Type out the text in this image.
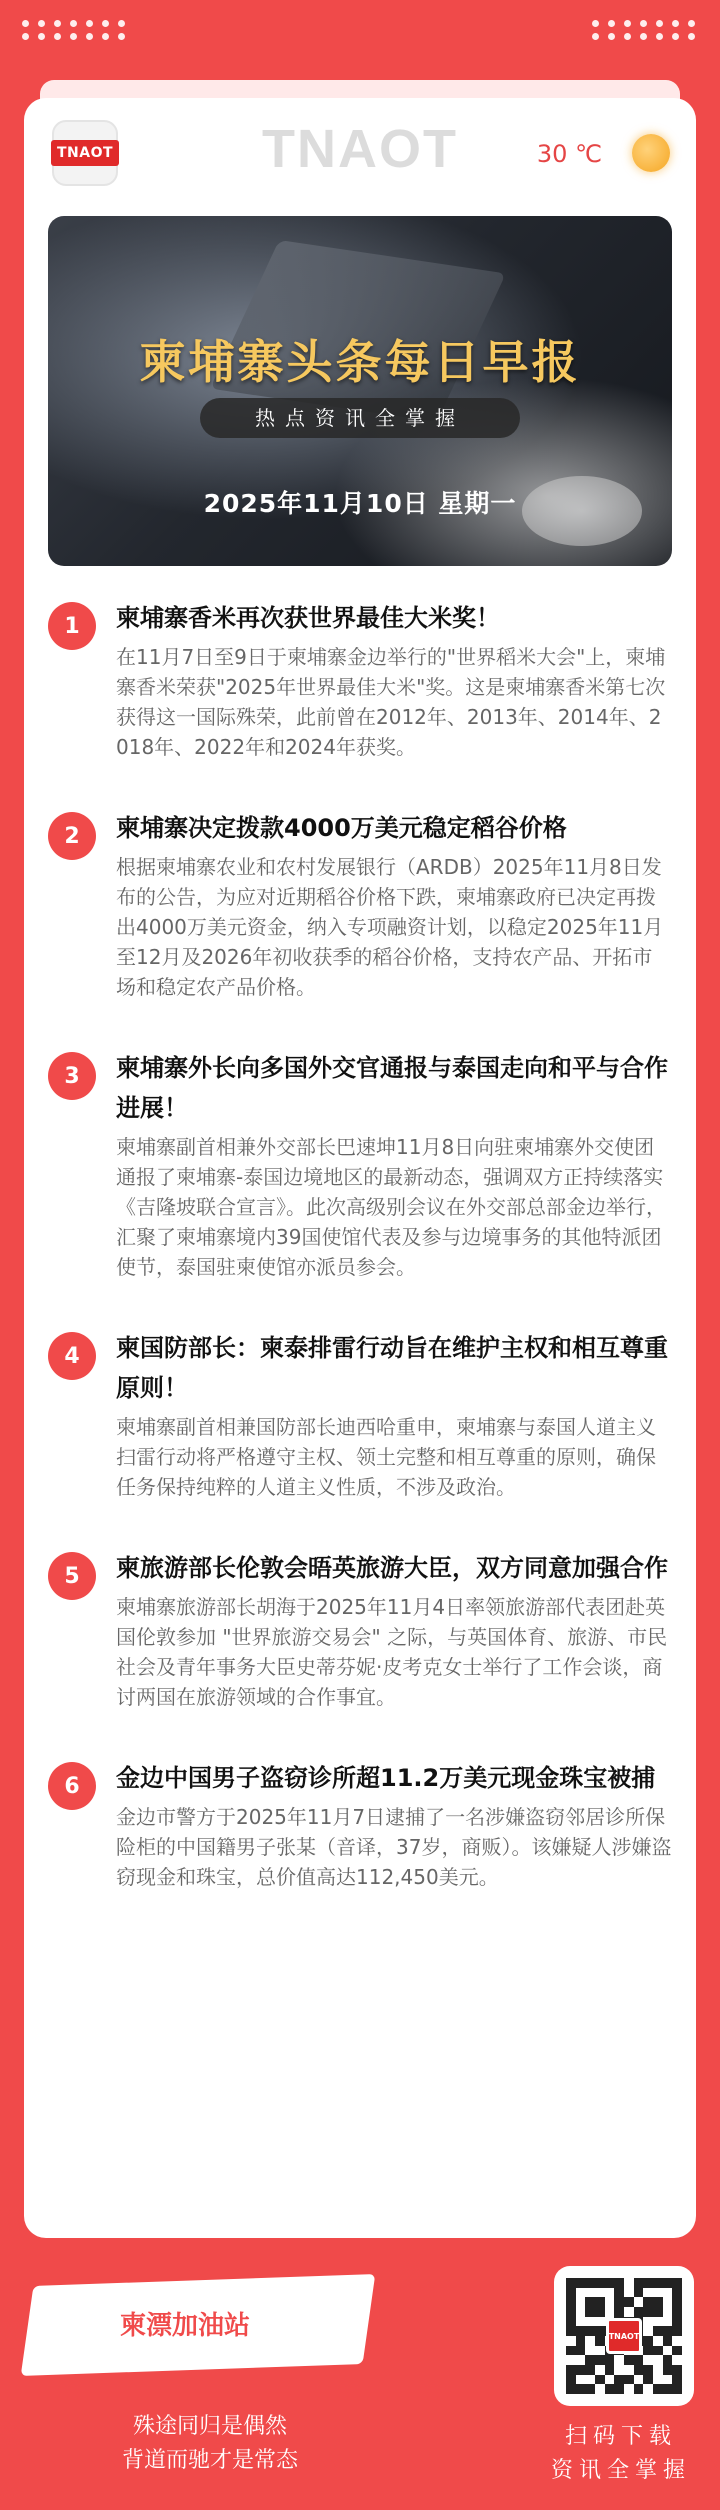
TNAOT	TNAOT	30 ℃
柬埔寨头条每日早报
热点资讯全掌握
2025年11月10日 星期一
1	柬埔寨香米再次获世界最佳大米奖！
在11月7日至9日于柬埔寨金边举行的"世界稻米大会"上，柬埔寨香米荣获"2025年世界最佳大米"奖。这是柬埔寨香米第七次获得这一国际殊荣，此前曾在2012年、2013年、2014年、2018年、2022年和2024年获奖。
2	柬埔寨决定拨款4000万美元稳定稻谷价格
根据柬埔寨农业和农村发展银行（ARDB）2025年11月8日发布的公告，为应对近期稻谷价格下跌，柬埔寨政府已决定再拨出4000万美元资金，纳入专项融资计划，以稳定2025年11月至12月及2026年初收获季的稻谷价格，支持农产品、开拓市场和稳定农产品价格。
3	柬埔寨外长向多国外交官通报与泰国走向和平与合作进展！
柬埔寨副首相兼外交部长巴速坤11月8日向驻柬埔寨外交使团通报了柬埔寨-泰国边境地区的最新动态，强调双方正持续落实《吉隆坡联合宣言》。此次高级别会议在外交部总部金边举行，汇聚了柬埔寨境内39国使馆代表及参与边境事务的其他特派团使节，泰国驻柬使馆亦派员参会。
4	柬国防部长：柬泰排雷行动旨在维护主权和相互尊重原则！
柬埔寨副首相兼国防部长迪西哈重申，柬埔寨与泰国人道主义扫雷行动将严格遵守主权、领土完整和相互尊重的原则，确保任务保持纯粹的人道主义性质，不涉及政治。
5	柬旅游部长伦敦会晤英旅游大臣，双方同意加强合作
柬埔寨旅游部长胡海于2025年11月4日率领旅游部代表团赴英国伦敦参加 "世界旅游交易会" 之际，与英国体育、旅游、市民社会及青年事务大臣史蒂芬妮·皮考克女士举行了工作会谈，商讨两国在旅游领域的合作事宜。
6	金边中国男子盗窃诊所超11.2万美元现金珠宝被捕
金边市警方于2025年11月7日逮捕了一名涉嫌盗窃邻居诊所保险柜的中国籍男子张某（音译，37岁，商贩）。该嫌疑人涉嫌盗窃现金和珠宝，总价值高达112,450美元。
柬漂加油站
殊途同归是偶然
背道而驰才是常态
TNAOT
扫码下载
资讯全掌握
